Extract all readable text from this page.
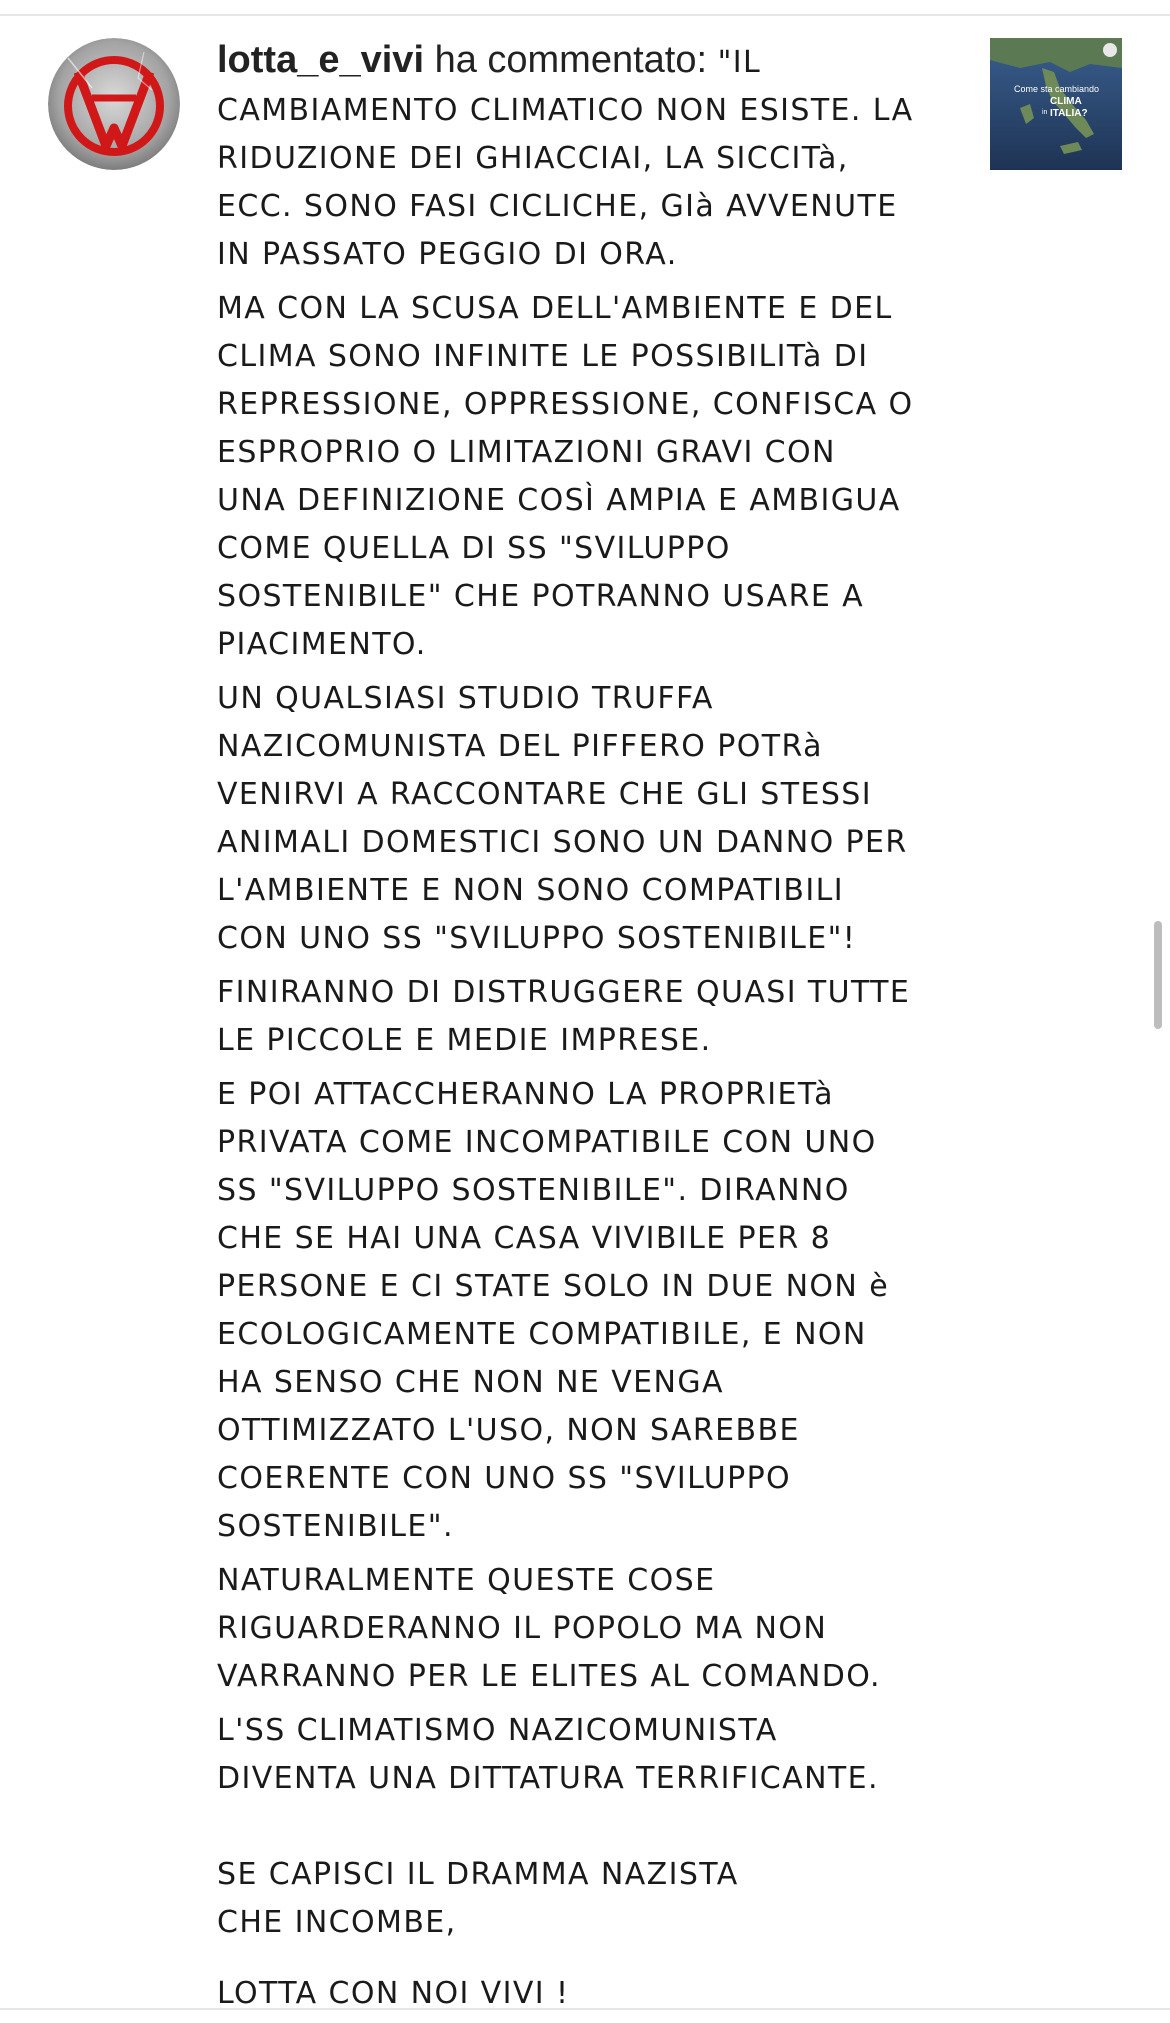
lotta_e_vivi ha commentato: "IL

CAMBIAMENTO CLIMATICO NON ESISTE. LA
RIDUZIONE DEI GHIACCIAI, LA SICCITà,
ECC. SONO FASI CICLICHE, GIà AVVENUTE
IN PASSATO PEGGIO DI ORA.

MA CON LA SCUSA DELL'AMBIENTE E DEL
CLIMA SONO INFINITE LE POSSIBILITà DI
REPRESSIONE, OPPRESSIONE, CONFISCA O
ESPROPRIO O LIMITAZIONI GRAVI CON
UNA DEFINIZIONE COSÌ AMPIA E AMBIGUA
COME QUELLA DI SS "SVILUPPO
SOSTENIBILE" CHE POTRANNO USARE A
PIACIMENTO.

UN QUALSIASI STUDIO TRUFFA
NAZICOMUNISTA DEL PIFFERO POTRà
VENIRVI A RACCONTARE CHE GLI STESSI
ANIMALI DOMESTICI SONO UN DANNO PER
L'AMBIENTE E NON SONO COMPATIBILI
CON UNO SS "SVILUPPO SOSTENIBILE"!

FINIRANNO DI DISTRUGGERE QUASI TUTTE
LE PICCOLE E MEDIE IMPRESE.

E POI ATTACCHERANNO LA PROPRIETà
PRIVATA COME INCOMPATIBILE CON UNO
SS "SVILUPPO SOSTENIBILE". DIRANNO
CHE SE HAI UNA CASA VIVIBILE PER 8
PERSONE E CI STATE SOLO IN DUE NON è
ECOLOGICAMENTE COMPATIBILE, E NON
HA SENSO CHE NON NE VENGA
OTTIMIZZATO L'USO, NON SAREBBE
COERENTE CON UNO SS "SVILUPPO
SOSTENIBILE".

NATURALMENTE QUESTE COSE
RIGUARDERANNO IL POPOLO MA NON
VARRANNO PER LE ELITES AL COMANDO.

L'SS CLIMATISMO NAZICOMUNISTA
DIVENTA UNA DITTATURA TERRIFICANTE.

SE CAPISCI IL DRAMMA NAZISTA
CHE INCOMBE,

LOTTA CON NOI VIVI !

Come sta cambiando
CLIMA
in ITALIA?
